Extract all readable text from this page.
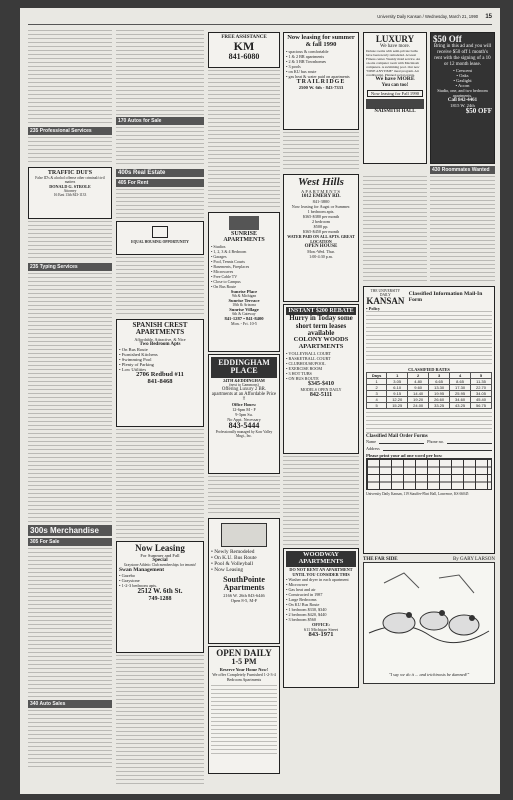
University Daily Kansan / Wednesday, March 21, 1990 15
235 Professional Services
TRAFFIC DUI'S
False ID's & alcohol offense other criminal/civil matters
DONALD G. STROLE
Attorney
16 East 13th 843-1133
235 Typing Services
300s Merchandise
305 For Sale
340 Auto Sales
170 Autos for Sale
400s Real Estate
405 For Rent
EQUAL HOUSING OPPORTUNITY
SPANISH CREST APARTMENTS
Affordable, Attractive, & Nice
Two Bedroom Apts
• On Bus Route
• Furnished Kitchens
• Swimming Pool
• Plenty of Parking
• Low Utilities
2706 Redbud #11
841-8468
Now Leasing
For Summer and Fall
Special
Graystone Athletic Club memberships for tenants!
Swan Management
• Gazebo
• Graystone
• 1-2-3 bedroom apts.
2512 W. 6th St.
749-1288
FREE ASSISTANCE
KM
841-6080
SUNRISE APARTMENTS
• Studios
• 1, 2, 3 & 4 Bedroom
• Garages
• Pool, Tennis Courts
• Basements, Fireplaces
• Microwaves
• Free Cable TV
• Close to Campus
• On Bus Route
Sunrise Place
9th & Michigan
Sunrise Terrace
10th & Arizona
Sunrise Village
6th & Gateway
841-1287 • 841-8400
Mon. - Fri. 10-5
EDDINGHAM PLACE
24TH &EDDINGHAM
(next to Gammons)
Offering Luxury 2 BR. apartments at an Affordable Price !!
Office Hours:
12-6pm M - F
9-3pm Su.
No Appt. Necessary
843-5444
Professionally managed by Kaw Valley Mngt., Inc.
• Newly Remodeled
• On K.U. Bus Route
• Pool & Volleyball
• Now Leasing
SouthPointe Apartments
2166 W. 26th 843-6446
Open 8-5, M-F
OPEN DAILY
1-5 PM
Reserve Your Home Now!
We offer Completely Furnished 1-2-3-4 Bedroom Apartments
Now leasing for summer & fall 1990
• spacious & comfortable
• 1 & 2 BR apartments
• 2 & 3 BR Townhomes
• 3 pools
• on KU bus route
• gas heat & water paid on apartments
TRAILRIDGE
2500 W. 6th · 843-7333
West Hills
APARTMENTS
1012 EMERY RD.
841-3800
Now leasing for Augst or Summer.
1 bedroom apts.
$365-$380 per month
2 bedroom
$500 pp.
$365-$450 per month
WATER PAID ON ALL APTS. GREAT LOCATION
OPEN HOUSE
Mon.-Wed. Thur.
1:00-4:30 p.m.
INSTANT $200 REBATE
Hurry in Today some short term leases available
COLONY WOODS APARTMENTS
• VOLLEYBALL COURT
• BASKETBALL COURT
• CLUBHOUSE/POOL
• EXERCISE ROOM
• 3 HOT TUBS
• ON BUS ROUTE
$345-$410
MODELS OPEN DAILY
842-5111
WOODWAY APARTMENTS
DO NOT RENT AN APARTMENT UNTIL YOU CONSIDER THIS
• Washer and dryer in each apartment
• Microwave
• Gas heat and air
• Constructed in 1987
• Large Bedrooms
• On KU Bus Route
• 1 bedroom $330, $340
• 2 bedroom $420, $440
• 3 bedroom $560
OFFICE:
611 Michigan Street
843-1971
LUXURY
We have more.
Deluxe rooms with semi-private baths have been newly remodeled. A Great Fitness center. Weekly maid service. An on-site computer room with Macintosh computers. A swimming pool. Our new "DINE ANYTIME" meal program. Air conditioning. Planned social events.
We have MORE
You can too!
Now leasing for Fall 1990
NAISMITH HALL
$50 Off
Bring in this ad and you will receive $50 off 1 month's rent with the signing of a 10 or 12 month lease.
• Crescent
• Oaks
• Gaslight
• Acorn
Studio, one, and two bedroom apartments.
Call 842-4461
1815 W. 24th
$50 OFF
430 Roommates Wanted
THE UNIVERSITY DAILY
KANSAN
Classified Information Mail-In Form
• Policy
CLASSIFIED RATES
Days	1	2	3	4	5
1	3.05	4.80	6.65	8.65	11.35
2	6.10	9.60	13.30	17.30	22.70
3	9.15	14.40	19.95	25.95	34.05
4	12.20	19.20	26.60	34.60	45.40
5	15.25	24.00	33.25	43.25	56.75
Classified Mail Order Forms
Name	Phone no.
Address
Please print your ad one word per box:
University Daily Kansan, 119 Stauffer-Flint Hall, Lawrence, KS 66045
THE FAR SIDE	By GARY LARSON
"I say we do it ... and trichinosis be damned!"
